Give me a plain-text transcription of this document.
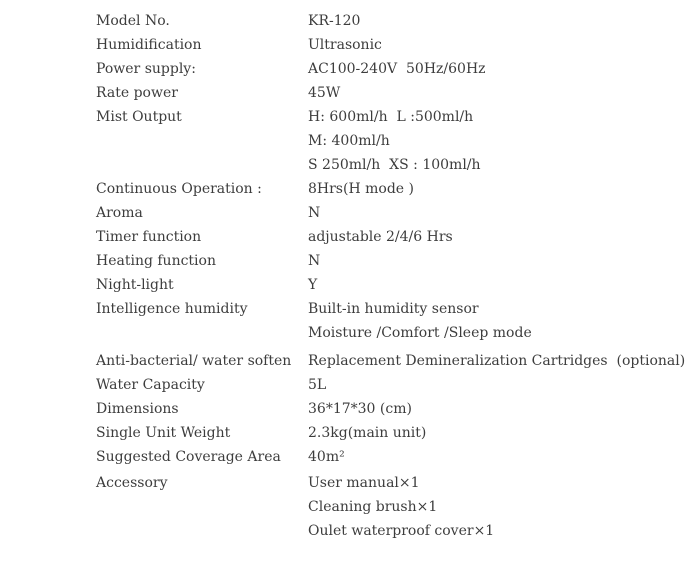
Model No.	KR-120
Humidification	Ultrasonic
Power supply:	AC100-240V  50Hz/60Hz
Rate power	45W
Mist Output	H: 600ml/h  L :500ml/h
M: 400ml/h
S 250ml/h  XS : 100ml/h
Continuous Operation :	8Hrs(H mode )
Aroma	N
Timer function	adjustable 2/4/6 Hrs
Heating function	N
Night-light	Y
Intelligence humidity	Built-in humidity sensor
Moisture /Comfort /Sleep mode
Anti-bacterial/ water soften	Replacement Demineralization Cartridges  (optional)
Water Capacity	5L
Dimensions	36*17*30 (cm)
Single Unit Weight	2.3kg(main unit)
Suggested Coverage Area	40m²
Accessory	User manual×1
Cleaning brush×1
Oulet waterproof cover×1
